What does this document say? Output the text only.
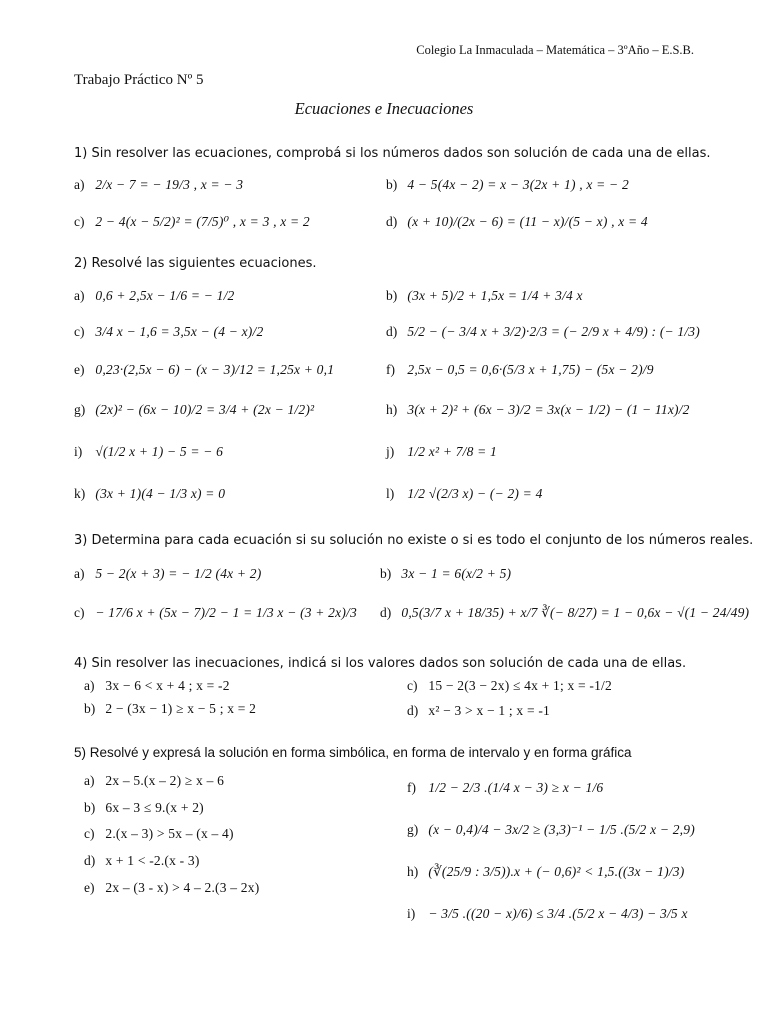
Colegio La Inmaculada – Matemática – 3ºAño – E.S.B.
Trabajo Práctico Nº 5
Ecuaciones e Inecuaciones
1) Sin resolver las ecuaciones, comprobá si los números dados son solución de cada una de ellas.
a) 2/x − 7 = − 19/3 , x = − 3	b) 4 − 5(4x − 2) = x − 3(2x + 1) , x = − 2
c) 2 − 4(x − 5/2)² = (7/5)⁰ , x = 3 , x = 2	d) (x + 10)/(2x − 6) = (11 − x)/(5 − x) , x = 4
2) Resolvé las siguientes ecuaciones.
a) 0,6 + 2,5x − 1/6 = − 1/2	b) (3x + 5)/2 + 1,5x = 1/4 + 3/4 x
c) 3/4 x − 1,6 = 3,5x − (4 − x)/2	d) 5/2 − (− 3/4 x + 3/2)·2/3 = (− 2/9 x + 4/9) : (− 1/3)
e) 0,23·(2,5x − 6) − (x − 3)/12 = 1,25x + 0,1	f) 2,5x − 0,5 = 0,6·(5/3 x + 1,75) − (5x − 2)/9
g) (2x)² − (6x − 10)/2 = 3/4 + (2x − 1/2)²	h) 3(x + 2)² + (6x − 3)/2 = 3x(x − 1/2) − (1 − 11x)/2
i) √(1/2 x + 1) − 5 = − 6	j) 1/2 x² + 7/8 = 1
k) (3x + 1)(4 − 1/3 x) = 0	l) 1/2 √(2/3 x) − (− 2) = 4
3) Determina para cada ecuación si su solución no existe o si es todo el conjunto de los números reales.
a) 5 − 2(x + 3) = − 1/2 (4x + 2)	b) 3x − 1 = 6(x/2 + 5)
c) − 17/6 x + (5x − 7)/2 − 1 = 1/3 x − (3 + 2x)/3 d) 0,5(3/7 x + 18/35) + x/7 ∛(− 8/27) = 1 − 0,6x − √(1 − 24/49)
4) Sin resolver las inecuaciones, indicá si los valores dados son solución de cada una de ellas.
a) 3x − 6 < x + 4 ; x = -2	c) 15 − 2(3 − 2x) ≤ 4x + 1; x = -1/2
b) 2 − (3x − 1) ≥ x − 5 ; x = 2	d) x² − 3 > x − 1 ; x = -1
5) Resolvé y expresá la solución en forma simbólica, en forma de intervalo y en forma gráfica
a) 2x – 5.(x – 2) ≥ x – 6
b) 6x – 3 ≤ 9.(x + 2)
c) 2.(x – 3) > 5x – (x – 4)
d) x + 1 < -2.(x - 3)
e) 2x – (3 - x) > 4 – 2.(3 – 2x)
f) 1/2 − 2/3 .(1/4 x − 3) ≥ x − 1/6
g) (x − 0,4)/4 − 3x/2 ≥ (3,3)⁻¹ − 1/5 .(5/2 x − 2,9)
h) (∛(25/9 : 3/5)).x + (− 0,6)² < 1,5.((3x − 1)/3)
i) − 3/5 .((20 − x)/6) ≤ 3/4 .(5/2 x − 4/3) − 3/5 x
